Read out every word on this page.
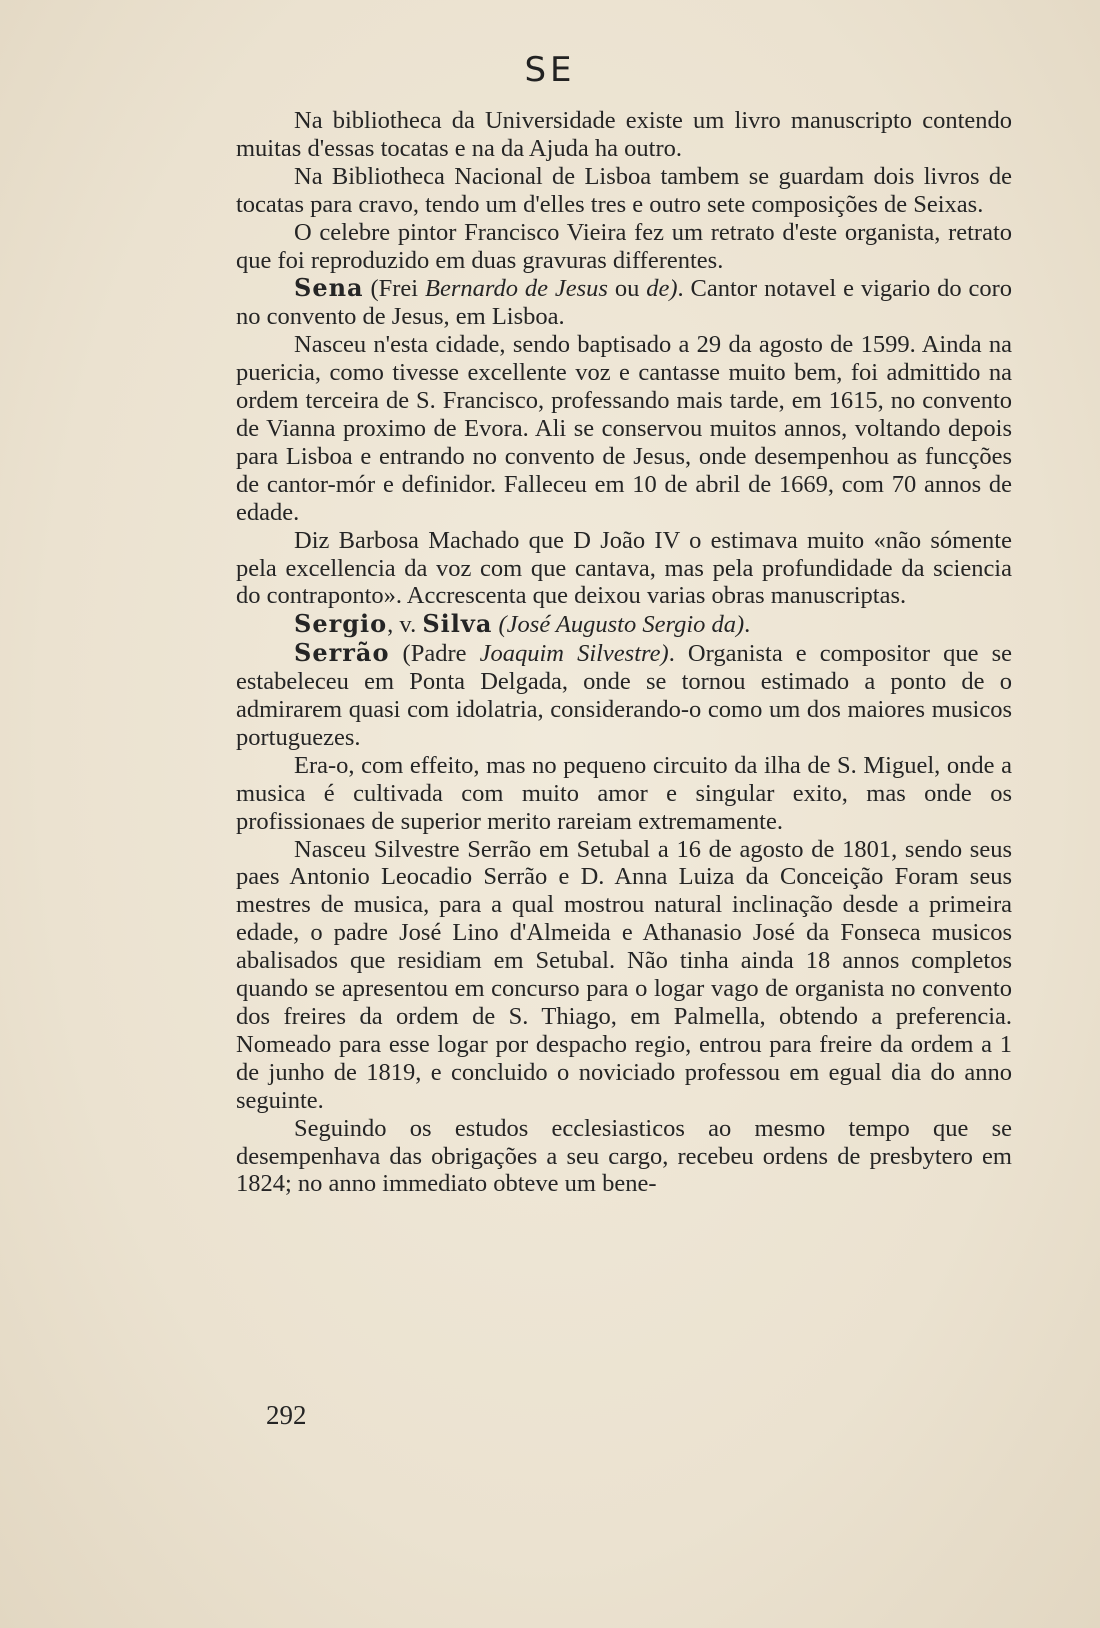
SE

Na bibliotheca da Universidade existe um livro manuscripto contendo muitas d'essas tocatas e na da Ajuda ha outro.

Na Bibliotheca Nacional de Lisboa tambem se guardam dois livros de tocatas para cravo, tendo um d'elles tres e outro sete composições de Seixas.

O celebre pintor Francisco Vieira fez um retrato d'este organista, retrato que foi reproduzido em duas gravuras differentes.

Sena (Frei Bernardo de Jesus ou de). Cantor notavel e vigario do coro no convento de Jesus, em Lisboa.

Nasceu n'esta cidade, sendo baptisado a 29 da agosto de 1599. Ainda na puericia, como tivesse excellente voz e cantasse muito bem, foi admittido na ordem terceira de S. Francisco, professando mais tarde, em 1615, no convento de Vianna proximo de Evora. Ali se conservou muitos annos, voltando depois para Lisboa e entrando no convento de Jesus, onde desempenhou as funcções de cantor-mór e definidor. Falleceu em 10 de abril de 1669, com 70 annos de edade.

Diz Barbosa Machado que D João IV o estimava muito «não sómente pela excellencia da voz com que cantava, mas pela profundidade da sciencia do contraponto». Accrescenta que deixou varias obras manuscriptas.

Sergio, v. Silva (José Augusto Sergio da).

Serrão (Padre Joaquim Silvestre). Organista e compositor que se estabeleceu em Ponta Delgada, onde se tornou estimado a ponto de o admirarem quasi com idolatria, considerando-o como um dos maiores musicos portuguezes.

Era-o, com effeito, mas no pequeno circuito da ilha de S. Miguel, onde a musica é cultivada com muito amor e singular exito, mas onde os profissionaes de superior merito rareiam extremamente.

Nasceu Silvestre Serrão em Setubal a 16 de agosto de 1801, sendo seus paes Antonio Leocadio Serrão e D. Anna Luiza da Conceição Foram seus mestres de musica, para a qual mostrou natural inclinação desde a primeira edade, o padre José Lino d'Almeida e Athanasio José da Fonseca musicos abalisados que residiam em Setubal. Não tinha ainda 18 annos completos quando se apresentou em concurso para o logar vago de organista no convento dos freires da ordem de S. Thiago, em Palmella, obtendo a preferencia. Nomeado para esse logar por despacho regio, entrou para freire da ordem a 1 de junho de 1819, e concluido o noviciado professou em egual dia do anno seguinte.

Seguindo os estudos ecclesiasticos ao mesmo tempo que se desempenhava das obrigações a seu cargo, recebeu ordens de presbytero em 1824; no anno immediato obteve um bene-

292
